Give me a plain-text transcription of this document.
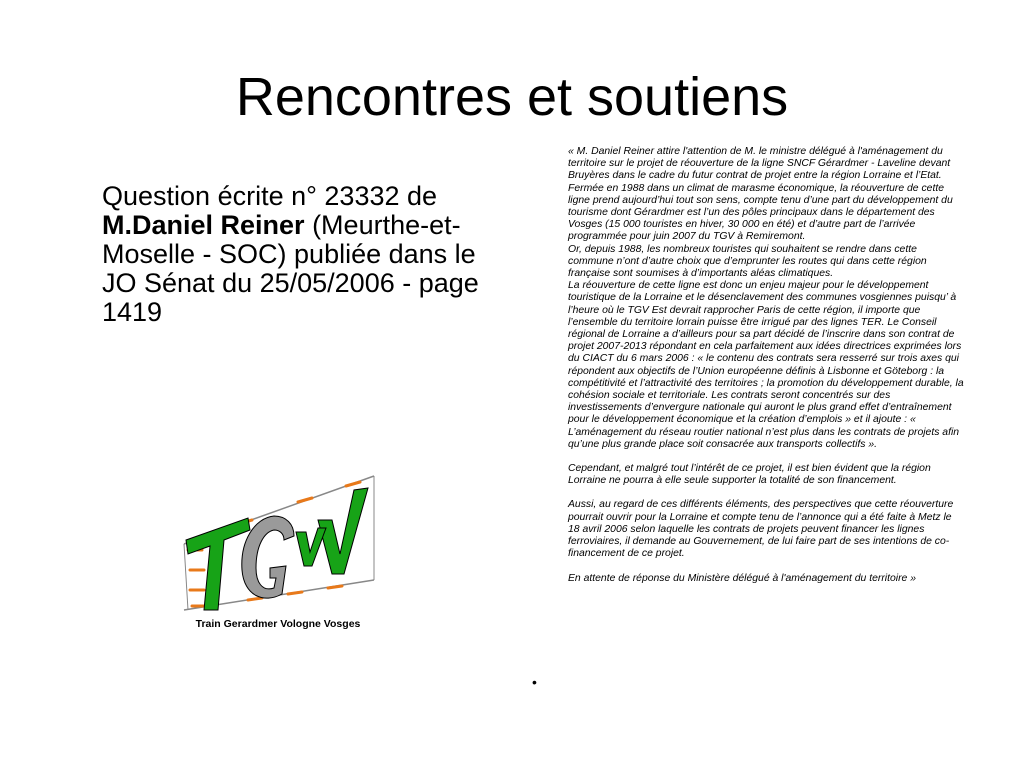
Rencontres et soutiens

Question écrite n° 23332 de M.Daniel Reiner (Meurthe-et-Moselle - SOC) publiée dans le JO Sénat du 25/05/2006 - page 1419

Train Gerardmer Vologne Vosges

« M. Daniel Reiner attire l'attention de M. le ministre délégué à l'aménagement du territoire sur le projet de réouverture de la ligne SNCF Gérardmer - Laveline devant Bruyères dans le cadre du futur contrat de projet entre la région Lorraine et l’Etat.

Fermée en 1988 dans un climat de marasme économique, la réouverture de cette ligne prend aujourd’hui tout son sens, compte tenu d’une part du développement du tourisme dont Gérardmer est l’un des pôles principaux dans le département des Vosges (15 000 touristes en hiver, 30 000 en été) et d’autre part de l’arrivée programmée pour juin 2007 du TGV à Remiremont.

Or, depuis 1988, les nombreux touristes qui souhaitent se rendre dans cette commune n’ont d’autre choix que d’emprunter les routes qui dans cette région française sont soumises à d’importants aléas climatiques.

La réouverture de cette ligne est donc un enjeu majeur pour le développement touristique de la Lorraine et le désenclavement des communes vosgiennes puisqu’ à l’heure où le TGV Est devrait rapprocher Paris de cette région, il importe que l’ensemble du territoire lorrain puisse être irrigué par des lignes TER. Le Conseil régional de Lorraine a d’ailleurs pour sa part décidé de l’inscrire dans son contrat de projet 2007-2013 répondant en cela parfaitement aux idées directrices exprimées lors du CIACT du 6 mars 2006 : « le contenu des contrats sera resserré sur trois axes qui répondent aux objectifs de l’Union européenne définis à Lisbonne et Göteborg : la compétitivité et l’attractivité des territoires ; la promotion du développement durable, la cohésion sociale et territoriale. Les contrats seront concentrés sur des investissements d’envergure nationale qui auront le plus grand effet d’entraînement pour le développement économique et la création d’emplois » et il ajoute : « L’aménagement du réseau routier national n’est plus dans les contrats de projets afin qu’une plus grande place soit consacrée aux transports collectifs ».

Cependant, et malgré tout l’intérêt de ce projet, il est bien évident que la région Lorraine ne pourra à elle seule supporter la totalité de son financement.

Aussi, au regard de ces différents éléments, des perspectives que cette réouverture pourrait ouvrir pour la Lorraine et compte tenu de l’annonce qui a été faite à Metz le 18 avril 2006 selon laquelle les contrats de projets peuvent financer les lignes ferroviaires, il demande au Gouvernement, de lui faire part de ses intentions de co-financement de ce projet.

En attente de réponse du Ministère délégué à l'aménagement du territoire »

•
